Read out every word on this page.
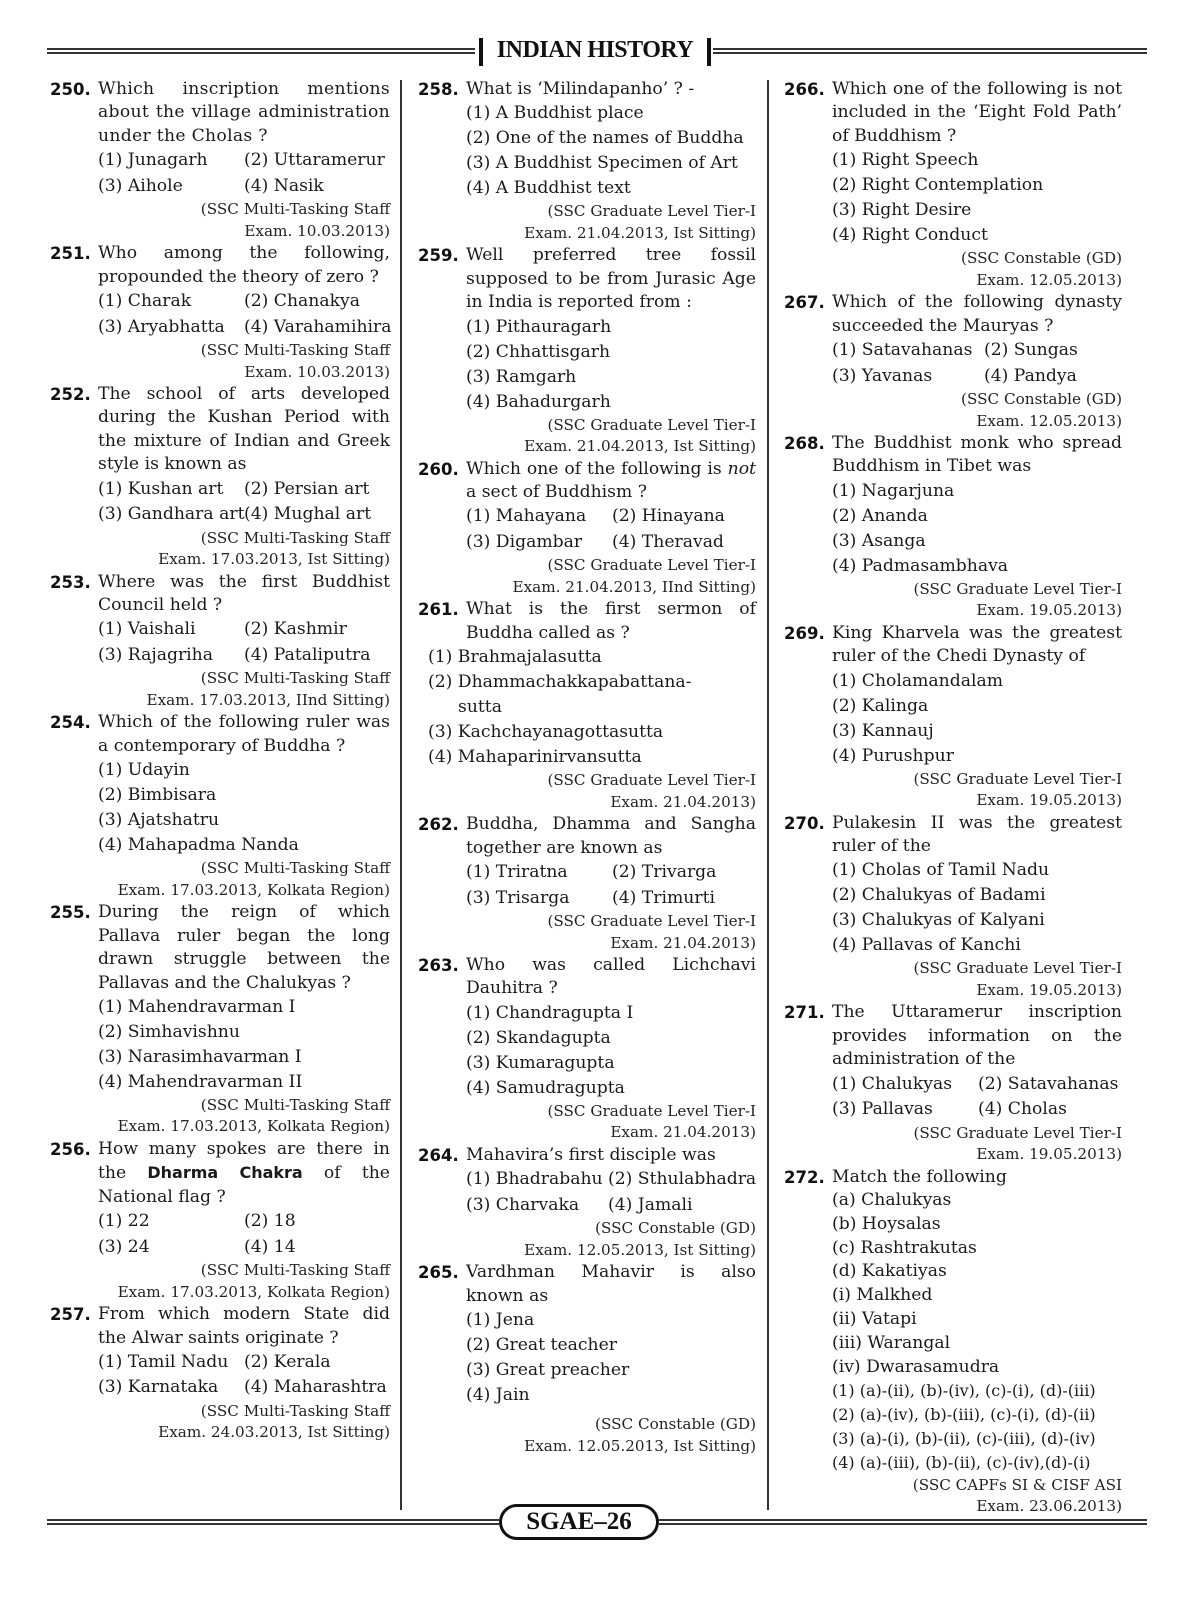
INDIAN HISTORY
250. Which inscription mentions about the village administration under the Cholas ?
(1) Junagarh	(2) Uttaramerur
(3) Aihole	(4) Nasik
(SSC Multi-Tasking Staff
Exam. 10.03.2013)
251. Who among the following, propounded the theory of zero ?
(1) Charak	(2) Chanakya
(3) Aryabhatta	(4) Varahamihira
(SSC Multi-Tasking Staff
Exam. 10.03.2013)
252. The school of arts developed during the Kushan Period with the mixture of Indian and Greek style is known as
(1) Kushan art	(2) Persian art
(3) Gandhara art (4) Mughal art
(SSC Multi-Tasking Staff
Exam. 17.03.2013, Ist Sitting)
253. Where was the first Buddhist Council held ?
(1) Vaishali	(2) Kashmir
(3) Rajagriha	(4) Pataliputra
(SSC Multi-Tasking Staff
Exam. 17.03.2013, IInd Sitting)
254. Which of the following ruler was a contemporary of Buddha ?
(1) Udayin
(2) Bimbisara
(3) Ajatshatru
(4) Mahapadma Nanda
(SSC Multi-Tasking Staff
Exam. 17.03.2013, Kolkata Region)
255. During the reign of which Pallava ruler began the long drawn struggle between the Pallavas and the Chalukyas ?
(1) Mahendravarman I
(2) Simhavishnu
(3) Narasimhavarman I
(4) Mahendravarman II
(SSC Multi-Tasking Staff
Exam. 17.03.2013, Kolkata Region)
256. How many spokes are there in the Dharma Chakra of the National flag ?
(1) 22	(2) 18
(3) 24	(4) 14
(SSC Multi-Tasking Staff
Exam. 17.03.2013, Kolkata Region)
257. From which modern State did the Alwar saints originate ?
(1) Tamil Nadu (2) Kerala
(3) Karnataka	(4) Maharashtra
(SSC Multi-Tasking Staff
Exam. 24.03.2013, Ist Sitting)
258. What is ‘Milindapanho’ ? -
(1) A Buddhist place
(2) One of the names of Buddha
(3) A Buddhist Specimen of Art
(4) A Buddhist text
(SSC Graduate Level Tier-I
Exam. 21.04.2013, Ist Sitting)
259. Well preferred tree fossil supposed to be from Jurasic Age in India is reported from :
(1) Pithauragarh
(2) Chhattisgarh
(3) Ramgarh
(4) Bahadurgarh
(SSC Graduate Level Tier-I
Exam. 21.04.2013, Ist Sitting)
260. Which one of the following is not a sect of Buddhism ?
(1) Mahayana	(2) Hinayana
(3) Digambar	(4) Theravad
(SSC Graduate Level Tier-I
Exam. 21.04.2013, IInd Sitting)
261. What is the first sermon of Buddha called as ?
(1) Brahmajalasutta
(2) Dhammachakkapabattana-
sutta
(3) Kachchayanagottasutta
(4) Mahaparinirvansutta
(SSC Graduate Level Tier-I
Exam. 21.04.2013)
262. Buddha, Dhamma and Sangha together are known as
(1) Triratna	(2) Trivarga
(3) Trisarga	(4) Trimurti
(SSC Graduate Level Tier-I
Exam. 21.04.2013)
263. Who was called Lichchavi Dauhitra ?
(1) Chandragupta I
(2) Skandagupta
(3) Kumaragupta
(4) Samudragupta
(SSC Graduate Level Tier-I
Exam. 21.04.2013)
264. Mahavira’s first disciple was
(1) Bhadrabahu (2) Sthulabhadra
(3) Charvaka	(4) Jamali
(SSC Constable (GD)
Exam. 12.05.2013, Ist Sitting)
265. Vardhman Mahavir is also known as
(1) Jena
(2) Great teacher
(3) Great preacher
(4) Jain
(SSC Constable (GD)
Exam. 12.05.2013, Ist Sitting)
266. Which one of the following is not included in the ‘Eight Fold Path’ of Buddhism ?
(1) Right Speech
(2) Right Contemplation
(3) Right Desire
(4) Right Conduct
(SSC Constable (GD)
Exam. 12.05.2013)
267. Which of the following dynasty succeeded the Mauryas ?
(1) Satavahanas (2) Sungas
(3) Yavanas	(4) Pandya
(SSC Constable (GD)
Exam. 12.05.2013)
268. The Buddhist monk who spread Buddhism in Tibet was
(1) Nagarjuna
(2) Ananda
(3) Asanga
(4) Padmasambhava
(SSC Graduate Level Tier-I
Exam. 19.05.2013)
269. King Kharvela was the greatest ruler of the Chedi Dynasty of
(1) Cholamandalam
(2) Kalinga
(3) Kannauj
(4) Purushpur
(SSC Graduate Level Tier-I
Exam. 19.05.2013)
270. Pulakesin II was the greatest ruler of the
(1) Cholas of Tamil Nadu
(2) Chalukyas of Badami
(3) Chalukyas of Kalyani
(4) Pallavas of Kanchi
(SSC Graduate Level Tier-I
Exam. 19.05.2013)
271. The Uttaramerur inscription provides information on the administration of the
(1) Chalukyas	(2) Satavahanas
(3) Pallavas	(4) Cholas
(SSC Graduate Level Tier-I
Exam. 19.05.2013)
272. Match the following
(a) Chalukyas
(b) Hoysalas
(c) Rashtrakutas
(d) Kakatiyas
(i) Malkhed
(ii) Vatapi
(iii) Warangal
(iv) Dwarasamudra
(1) (a)-(ii), (b)-(iv), (c)-(i), (d)-(iii)
(2) (a)-(iv), (b)-(iii), (c)-(i), (d)-(ii)
(3) (a)-(i), (b)-(ii), (c)-(iii), (d)-(iv)
(4) (a)-(iii), (b)-(ii), (c)-(iv),(d)-(i)
(SSC CAPFs SI & CISF ASI
Exam. 23.06.2013)
SGAE–26
